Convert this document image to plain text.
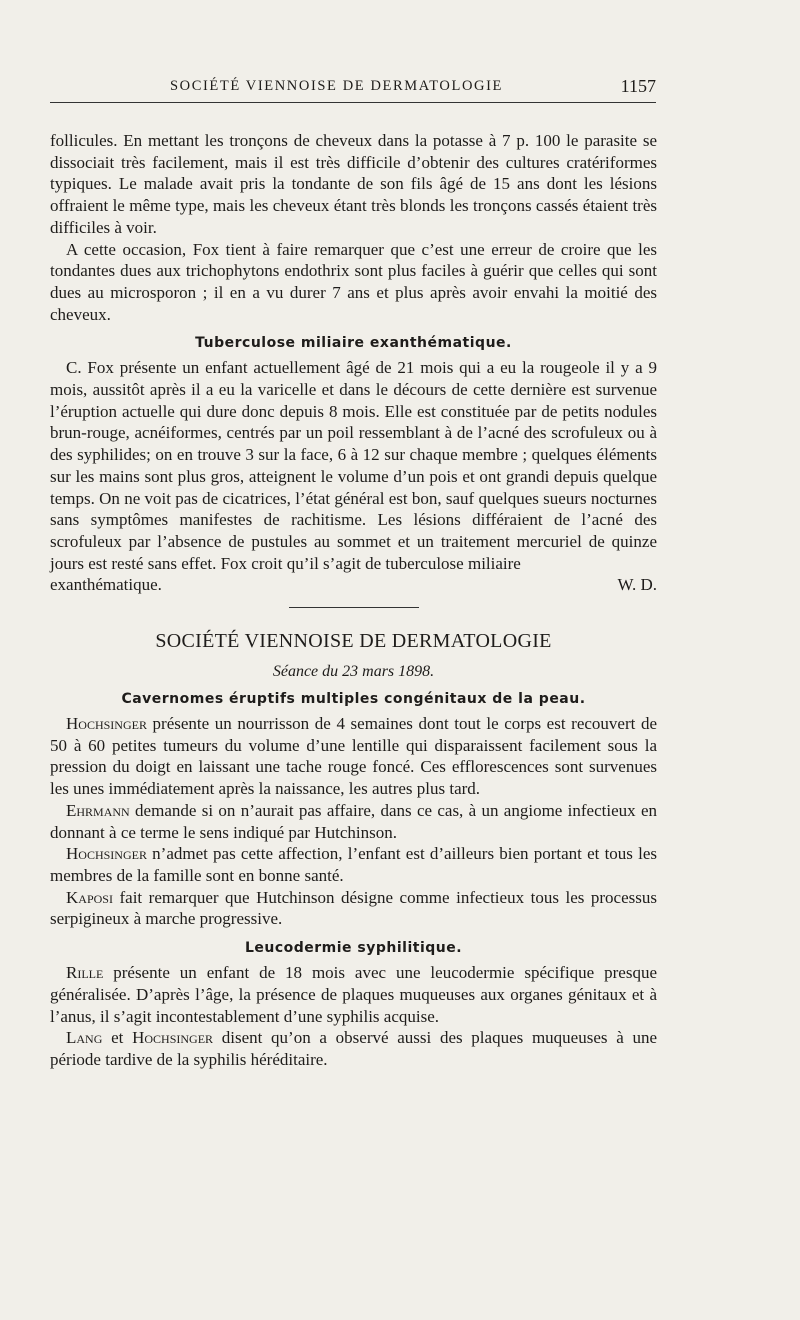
SOCIÉTÉ VIENNOISE DE DERMATOLOGIE	1157

follicules. En mettant les tronçons de cheveux dans la potasse à 7 p. 100 le parasite se dissociait très facilement, mais il est très difficile d’obtenir des cultures cratériformes typiques. Le malade avait pris la tondante de son fils âgé de 15 ans dont les lésions offraient le même type, mais les cheveux étant très blonds les tronçons cassés étaient très difficiles à voir.

A cette occasion, Fox tient à faire remarquer que c’est une erreur de croire que les tondantes dues aux trichophytons endothrix sont plus faciles à guérir que celles qui sont dues au microsporon ; il en a vu durer 7 ans et plus après avoir envahi la moitié des cheveux.

Tuberculose miliaire exanthématique.

C. Fox présente un enfant actuellement âgé de 21 mois qui a eu la rougeole il y a 9 mois, aussitôt après il a eu la varicelle et dans le décours de cette dernière est survenue l’éruption actuelle qui dure donc depuis 8 mois. Elle est constituée par de petits nodules brun-rouge, acnéiformes, centrés par un poil ressemblant à de l’acné des scrofuleux ou à des syphilides; on en trouve 3 sur la face, 6 à 12 sur chaque membre ; quelques éléments sur les mains sont plus gros, atteignent le volume d’un pois et ont grandi depuis quelque temps. On ne voit pas de cicatrices, l’état général est bon, sauf quelques sueurs nocturnes sans symptômes manifestes de rachitisme. Les lésions différaient de l’acné des scrofuleux par l’absence de pustules au sommet et un traitement mercuriel de quinze jours est resté sans effet. Fox croit qu’il s’agit de tuberculose miliaire

exanthématique.	W. D.
SOCIÉTÉ VIENNOISE DE DERMATOLOGIE
Séance du 23 mars 1898.
Cavernomes éruptifs multiples congénitaux de la peau.

Hochsinger présente un nourrisson de 4 semaines dont tout le corps est recouvert de 50 à 60 petites tumeurs du volume d’une lentille qui disparaissent facilement sous la pression du doigt en laissant une tache rouge foncé. Ces efflorescences sont survenues les unes immédiatement après la naissance, les autres plus tard.

Ehrmann demande si on n’aurait pas affaire, dans ce cas, à un angiome infectieux en donnant à ce terme le sens indiqué par Hutchinson.

Hochsinger n’admet pas cette affection, l’enfant est d’ailleurs bien portant et tous les membres de la famille sont en bonne santé.

Kaposi fait remarquer que Hutchinson désigne comme infectieux tous les processus serpigineux à marche progressive.

Leucodermie syphilitique.

Rille présente un enfant de 18 mois avec une leucodermie spécifique presque généralisée. D’après l’âge, la présence de plaques muqueuses aux organes génitaux et à l’anus, il s’agit incontestablement d’une syphilis acquise.

Lang et Hochsinger disent qu’on a observé aussi des plaques muqueuses à une période tardive de la syphilis héréditaire.
